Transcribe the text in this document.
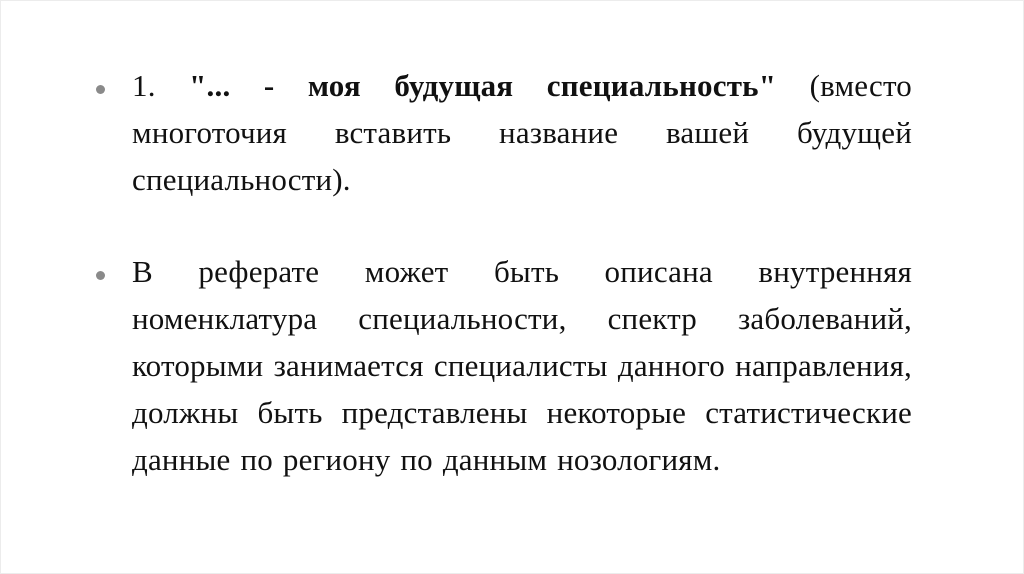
1. "... - моя будущая специальность" (вместо многоточия вставить название вашей будущей специальности).
В реферате может быть описана внутренняя номенклатура специальности, спектр заболеваний, которыми занимается специалисты данного направления, должны быть представлены некоторые статистические данные по региону по данным нозологиям.
